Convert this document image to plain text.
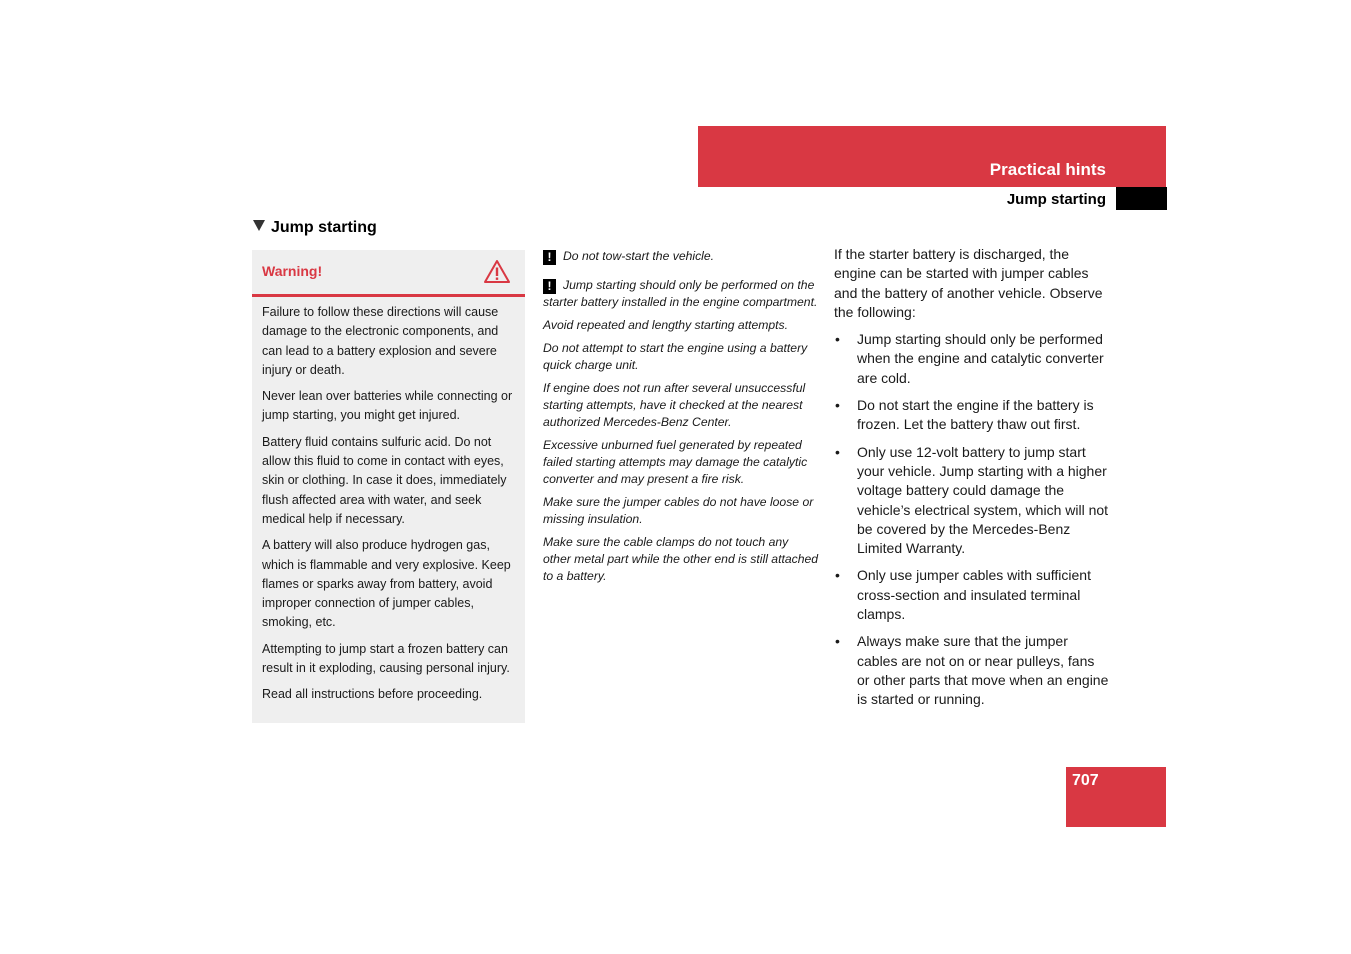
Practical hints
Jump starting
Jump starting
Warning!

Failure to follow these directions will cause damage to the electronic components, and can lead to a battery explosion and severe injury or death.

Never lean over batteries while connecting or jump starting, you might get injured.

Battery fluid contains sulfuric acid. Do not allow this fluid to come in contact with eyes, skin or clothing. In case it does, immediately flush affected area with water, and seek medical help if necessary.

A battery will also produce hydrogen gas, which is flammable and very explosive. Keep flames or sparks away from battery, avoid improper connection of jumper cables, smoking, etc.

Attempting to jump start a frozen battery can result in it exploding, causing personal injury.

Read all instructions before proceeding.

! Do not tow-start the vehicle.

! Jump starting should only be performed on the starter battery installed in the engine compartment.

Avoid repeated and lengthy starting attempts.

Do not attempt to start the engine using a battery quick charge unit.

If engine does not run after several unsuccessful starting attempts, have it checked at the nearest authorized Mercedes-Benz Center.

Excessive unburned fuel generated by repeated failed starting attempts may damage the catalytic converter and may present a fire risk.

Make sure the jumper cables do not have loose or missing insulation.

Make sure the cable clamps do not touch any other metal part while the other end is still attached to a battery.

If the starter battery is discharged, the engine can be started with jumper cables and the battery of another vehicle. Observe the following:

• Jump starting should only be performed when the engine and catalytic converter are cold.
• Do not start the engine if the battery is frozen. Let the battery thaw out first.
• Only use 12-volt battery to jump start your vehicle. Jump starting with a higher voltage battery could damage the vehicle’s electrical system, which will not be covered by the Mercedes-Benz Limited Warranty.
• Only use jumper cables with sufficient cross-section and insulated terminal clamps.
• Always make sure that the jumper cables are not on or near pulleys, fans or other parts that move when an engine is started or running.
707
